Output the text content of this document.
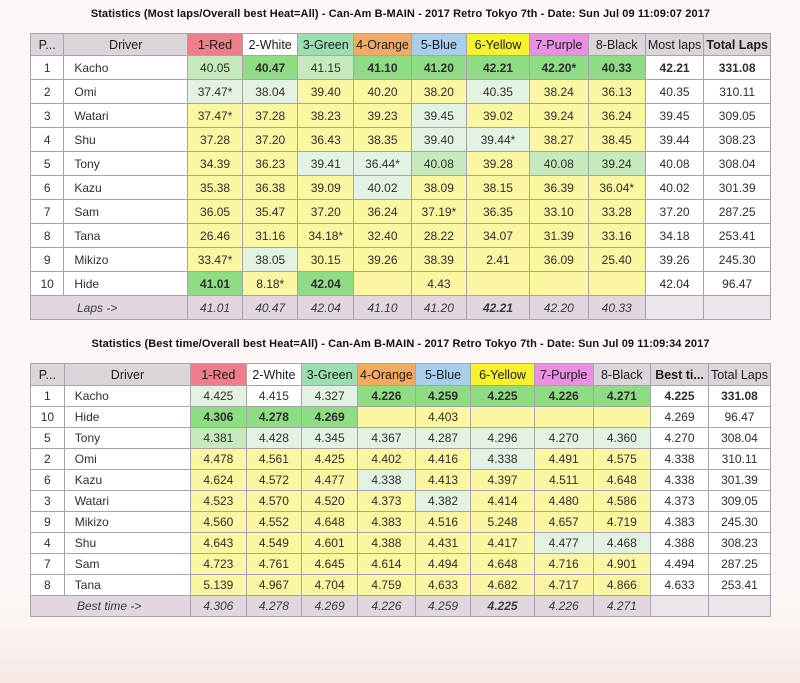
Statistics (Most laps/Overall best Heat=All) - Can-Am B-MAIN - 2017 Retro Tokyo 7th - Date: Sun Jul 09 11:09:07 2017
P...	Driver	1-Red	2-White	3-Green	4-Orange	5-Blue	6-Yellow	7-Purple	8-Black	Most laps	Total Laps
1	Kacho	40.05	40.47	41.15	41.10	41.20	42.21	42.20*	40.33	42.21	331.08
2	Omi	37.47*	38.04	39.40	40.20	38.20	40.35	38.24	36.13	40.35	310.11
3	Watari	37.47*	37.28	38.23	39.23	39.45	39.02	39.24	36.24	39.45	309.05
4	Shu	37.28	37.20	36.43	38.35	39.40	39.44*	38.27	38.45	39.44	308.23
5	Tony	34.39	36.23	39.41	36.44*	40.08	39.28	40.08	39.24	40.08	308.04
6	Kazu	35.38	36.38	39.09	40.02	38.09	38.15	36.39	36.04*	40.02	301.39
7	Sam	36.05	35.47	37.20	36.24	37.19*	36.35	33.10	33.28	37.20	287.25
8	Tana	26.46	31.16	34.18*	32.40	28.22	34.07	31.39	33.16	34.18	253.41
9	Mikizo	33.47*	38.05	30.15	39.26	38.39	2.41	36.09	25.40	39.26	245.30
10	Hide	41.01	8.18*	42.04		4.43				42.04	96.47
Laps ->		41.01	40.47	42.04	41.10	41.20	42.21	42.20	40.33		
Statistics (Best time/Overall best Heat=All) - Can-Am B-MAIN - 2017 Retro Tokyo 7th - Date: Sun Jul 09 11:09:34 2017
P...	Driver	1-Red	2-White	3-Green	4-Orange	5-Blue	6-Yellow	7-Purple	8-Black	Best ti...	Total Laps
1	Kacho	4.425	4.415	4.327	4.226	4.259	4.225	4.226	4.271	4.225	331.08
10	Hide	4.306	4.278	4.269		4.403				4.269	96.47
5	Tony	4.381	4.428	4.345	4.367	4.287	4.296	4.270	4.360	4.270	308.04
2	Omi	4.478	4.561	4.425	4.402	4.416	4.338	4.491	4.575	4.338	310.11
6	Kazu	4.624	4.572	4.477	4.338	4.413	4.397	4.511	4.648	4.338	301.39
3	Watari	4.523	4.570	4.520	4.373	4.382	4.414	4.480	4.586	4.373	309.05
9	Mikizo	4.560	4.552	4.648	4.383	4.516	5.248	4.657	4.719	4.383	245.30
4	Shu	4.643	4.549	4.601	4.388	4.431	4.417	4.477	4.468	4.388	308.23
7	Sam	4.723	4.761	4.645	4.614	4.494	4.648	4.716	4.901	4.494	287.25
8	Tana	5.139	4.967	4.704	4.759	4.633	4.682	4.717	4.866	4.633	253.41
Best time ->		4.306	4.278	4.269	4.226	4.259	4.225	4.226	4.271		
